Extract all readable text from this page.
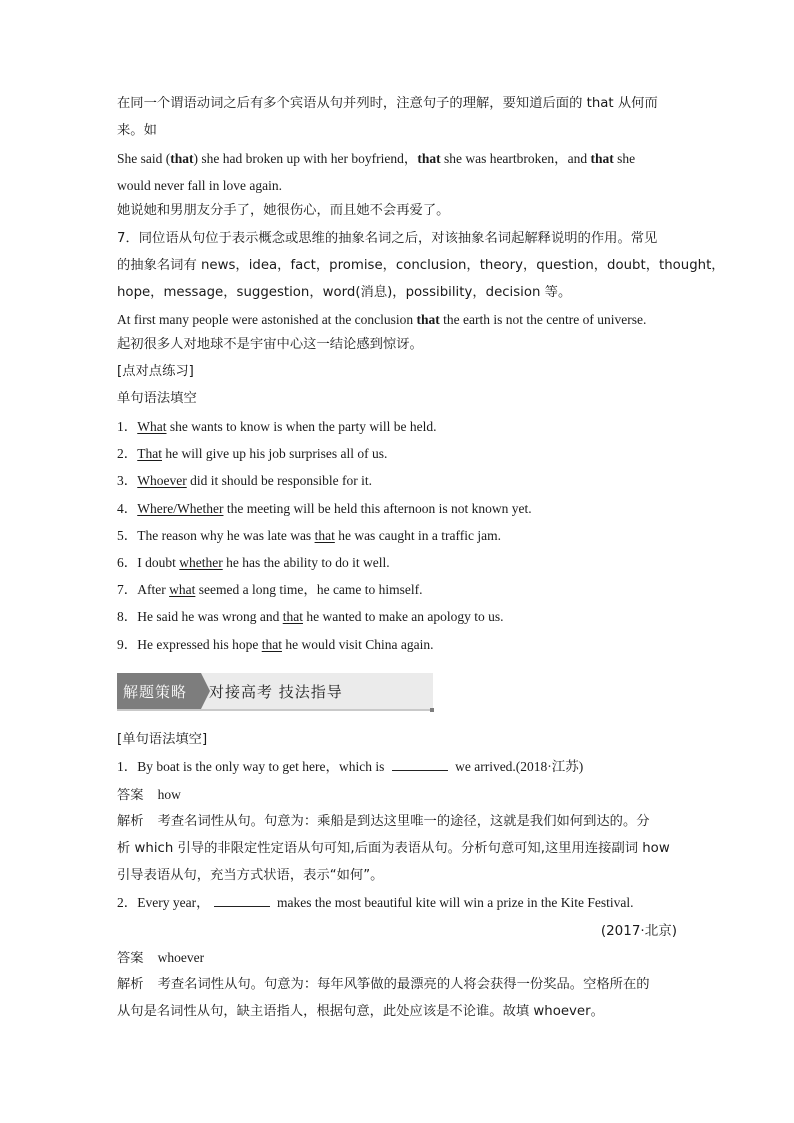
在同一个谓语动词之后有多个宾语从句并列时，注意句子的理解，要知道后面的 that 从何而
来。如
She said (that) she had broken up with her boyfriend，that she was heartbroken，and that she
would never fall in love again.
她说她和男朋友分手了，她很伤心，而且她不会再爱了。
7．同位语从句位于表示概念或思维的抽象名词之后，对该抽象名词起解释说明的作用。常见
的抽象名词有 news，idea，fact，promise，conclusion，theory，question，doubt，thought，
hope，message，suggestion，word(消息)，possibility，decision 等。
At first many people were astonished at the conclusion that the earth is not the centre of universe.
起初很多人对地球不是宇宙中心这一结论感到惊讶。
[点对点练习]
单句语法填空
1．What she wants to know is when the party will be held.
2．That he will give up his job surprises all of us.
3．Whoever did it should be responsible for it.
4．Where/Whether the meeting will be held this afternoon is not known yet.
5．The reason why he was late was that he was caught in a traffic jam.
6．I doubt whether he has the ability to do it well.
7．After what seemed a long time，he came to himself.
8．He said he was wrong and that he wanted to make an apology to us.
9．He expressed his hope that he would visit China again.
解题策略 对接高考 技法指导
[单句语法填空]
1．By boat is the only way to get here，which is	we arrived.(2018·江苏)
答案 how
解析 考查名词性从句。句意为：乘船是到达这里唯一的途径，这就是我们如何到达的。分
析 which 引导的非限定性定语从句可知,后面为表语从句。分析句意可知,这里用连接副词 how
引导表语从句，充当方式状语，表示“如何”。
2．Every year，	makes the most beautiful kite will win a prize in the Kite Festival.
(2017·北京)
答案 whoever
解析 考查名词性从句。句意为：每年风筝做的最漂亮的人将会获得一份奖品。空格所在的
从句是名词性从句，缺主语指人，根据句意，此处应该是不论谁。故填 whoever。
